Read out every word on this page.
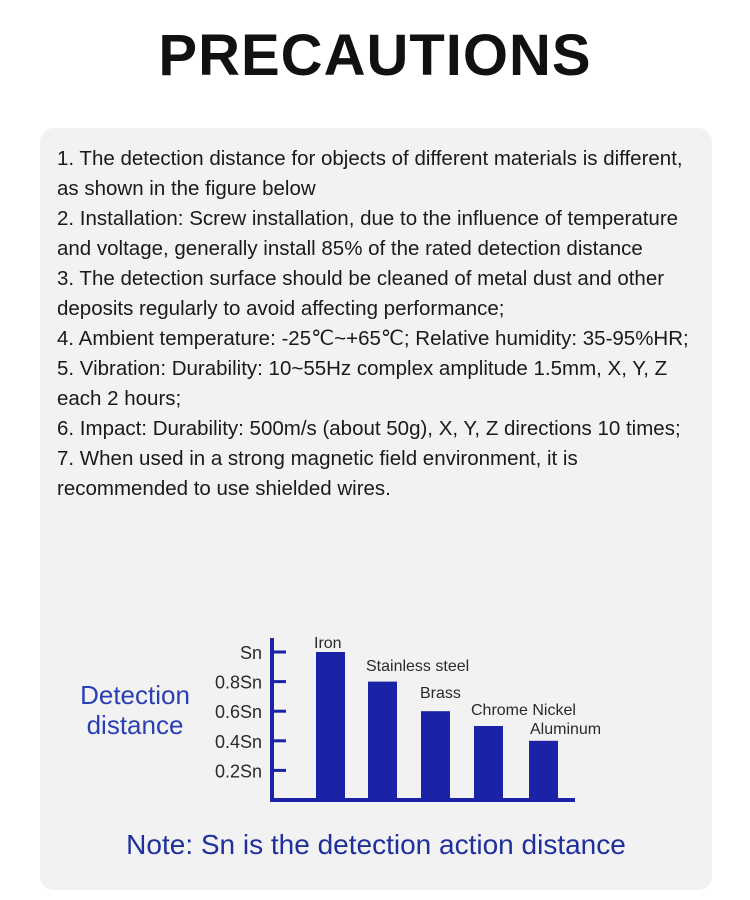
PRECAUTIONS

1. The detection distance for objects of different materials is different, as shown in the figure below

2. Installation: Screw installation, due to the influence of temperature and voltage, generally install 85% of the rated detection distance

3. The detection surface should be cleaned of metal dust and other deposits regularly to avoid affecting performance;

4. Ambient temperature: -25℃~+65℃; Relative humidity: 35-95%HR;

5. Vibration: Durability: 10~55Hz complex amplitude 1.5mm, X, Y, Z each 2 hours;

6. Impact: Durability: 500m/s (about 50g), X, Y, Z directions 10 times;

7. When used in a strong magnetic field environment, it is recommended to use shielded wires.

Sn
0.8Sn
0.6Sn
0.4Sn
0.2Sn
Detection
distance
Iron
Stainless steel
Brass
Chrome Nickel
Aluminum
Note: Sn is the detection action distance
